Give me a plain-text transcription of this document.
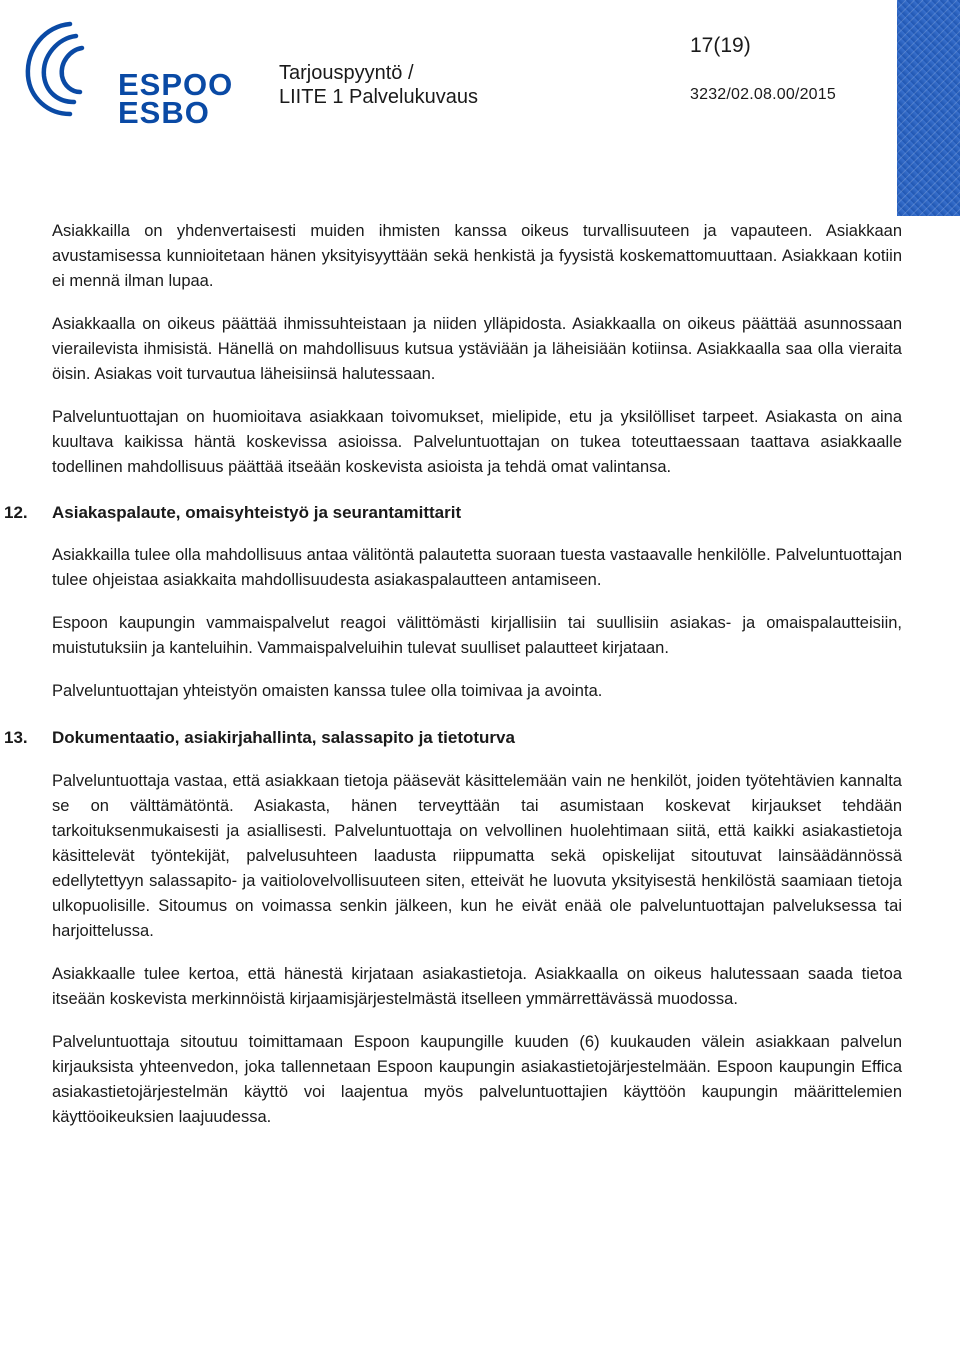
ESPOO
ESBO
Tarjouspyyntö /
LIITE 1 Palvelukuvaus
17(19)
3232/02.08.00/2015

Asiakkailla on yhdenvertaisesti muiden ihmisten kanssa oikeus turvallisuuteen ja vapauteen. Asiakkaan avustamisessa kunnioitetaan hänen yksityisyyttään sekä henkistä ja fyysistä koskemattomuuttaan. Asiakkaan kotiin ei mennä ilman lupaa.

Asiakkaalla on oikeus päättää ihmissuhteistaan ja niiden ylläpidosta. Asiakkaalla on oikeus päättää asunnossaan vierailevista ihmisistä. Hänellä on mahdollisuus kutsua ystäviään ja läheisiään kotiinsa. Asiakkaalla saa olla vieraita öisin. Asiakas voit turvautua läheisiinsä halutessaan.

Palveluntuottajan on huomioitava asiakkaan toivomukset, mielipide, etu ja yksilölliset tarpeet. Asiakasta on aina kuultava kaikissa häntä koskevissa asioissa. Palveluntuottajan on tukea toteuttaessaan taattava asiakkaalle todellinen mahdollisuus päättää itseään koskevista asioista ja tehdä omat valintansa.

12. Asiakaspalaute, omaisyhteistyö ja seurantamittarit

Asiakkailla tulee olla mahdollisuus antaa välitöntä palautetta suoraan tuesta vastaavalle henkilölle. Palveluntuottajan tulee ohjeistaa asiakkaita mahdollisuudesta asiakaspalautteen antamiseen.

Espoon kaupungin vammaispalvelut reagoi välittömästi kirjallisiin tai suullisiin asiakas- ja omaispalautteisiin, muistutuksiin ja kanteluihin. Vammaispalveluihin tulevat suulliset palautteet kirjataan.

Palveluntuottajan yhteistyön omaisten kanssa tulee olla toimivaa ja avointa.

13. Dokumentaatio, asiakirjahallinta, salassapito ja tietoturva

Palveluntuottaja vastaa, että asiakkaan tietoja pääsevät käsittelemään vain ne henkilöt, joiden työtehtävien kannalta se on välttämätöntä. Asiakasta, hänen terveyttään tai asumistaan koskevat kirjaukset tehdään tarkoituksenmukaisesti ja asiallisesti. Palveluntuottaja on velvollinen huolehtimaan siitä, että kaikki asiakastietoja käsittelevät työntekijät, palvelusuhteen laadusta riippumatta sekä opiskelijat sitoutuvat lainsäädännössä edellytettyyn salassapito- ja vaitiolovelvollisuuteen siten, etteivät he luovuta yksityisestä henkilöstä saamiaan tietoja ulkopuolisille. Sitoumus on voimassa senkin jälkeen, kun he eivät enää ole palveluntuottajan palveluksessa tai harjoittelussa.

Asiakkaalle tulee kertoa, että hänestä kirjataan asiakastietoja. Asiakkaalla on oikeus halutessaan saada tietoa itseään koskevista merkinnöistä kirjaamisjärjestelmästä itselleen ymmärrettävässä muodossa.

Palveluntuottaja sitoutuu toimittamaan Espoon kaupungille kuuden (6) kuukauden välein asiakkaan palvelun kirjauksista yhteenvedon, joka tallennetaan Espoon kaupungin asiakastietojärjestelmään. Espoon kaupungin Effica asiakastietojärjestelmän käyttö voi laajentua myös palveluntuottajien käyttöön kaupungin määrittelemien käyttöoikeuksien laajuudessa.
